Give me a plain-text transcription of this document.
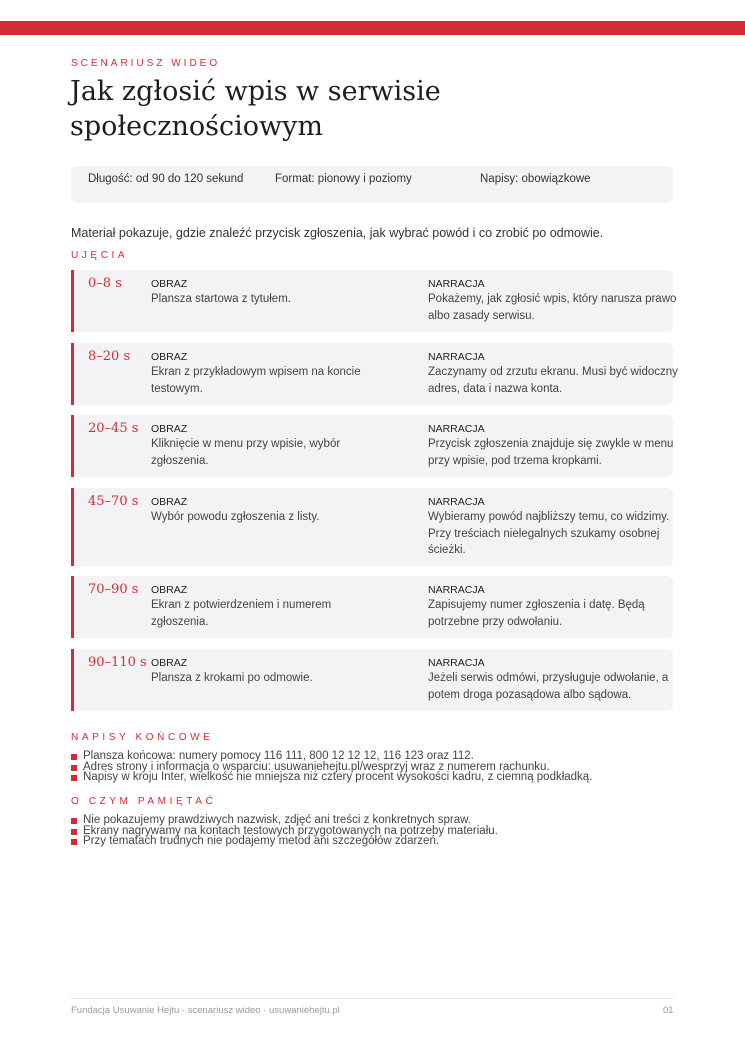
SCENARIUSZ WIDEO
Jak zgłosić wpis w serwisie społecznościowym
Długość: od 90 do 120 sekund	Format: pionowy i poziomy	Napisy: obowiązkowe
Materiał pokazuje, gdzie znaleźć przycisk zgłoszenia, jak wybrać powód i co zrobić po odmowie.
UJĘCIA
0–8 s	OBRAZ
Plansza startowa z tytułem.
NARRACJA
Pokażemy, jak zgłosić wpis, który narusza prawo albo zasady serwisu.
8–20 s OBRAZ
Ekran z przykładowym wpisem na koncie testowym.
NARRACJA
Zaczynamy od zrzutu ekranu. Musi być widoczny adres, data i nazwa konta.
20–45 s OBRAZ
Kliknięcie w menu przy wpisie, wybór zgłoszenia.
NARRACJA
Przycisk zgłoszenia znajduje się zwykle w menu przy wpisie, pod trzema kropkami.
45–70 s OBRAZ
Wybór powodu zgłoszenia z listy.
NARRACJA
Wybieramy powód najbliższy temu, co widzimy. Przy treściach nielegalnych szukamy osobnej ścieżki.
70–90 s OBRAZ
Ekran z potwierdzeniem i numerem zgłoszenia.
NARRACJA
Zapisujemy numer zgłoszenia i datę. Będą potrzebne przy odwołaniu.
90–110 s OBRAZ
Plansza z krokami po odmowie.
NARRACJA
Jeżeli serwis odmówi, przysługuje odwołanie, a potem droga pozasądowa albo sądowa.
NAPISY KOŃCOWE
Plansza końcowa: numery pomocy 116 111, 800 12 12 12, 116 123 oraz 112.
Adres strony i informacja o wsparciu: usuwaniehejtu.pl/wesprzyj wraz z numerem rachunku.
Napisy w kroju Inter, wielkość nie mniejsza niż cztery procent wysokości kadru, z ciemną podkładką.
O CZYM PAMIĘTAĆ
Nie pokazujemy prawdziwych nazwisk, zdjęć ani treści z konkretnych spraw.
Ekrany nagrywamy na kontach testowych przygotowanych na potrzeby materiału.
Przy tematach trudnych nie podajemy metod ani szczegółów zdarzeń.
Fundacja Usuwanie Hejtu · scenariusz wideo · usuwaniehejtu.pl	01
